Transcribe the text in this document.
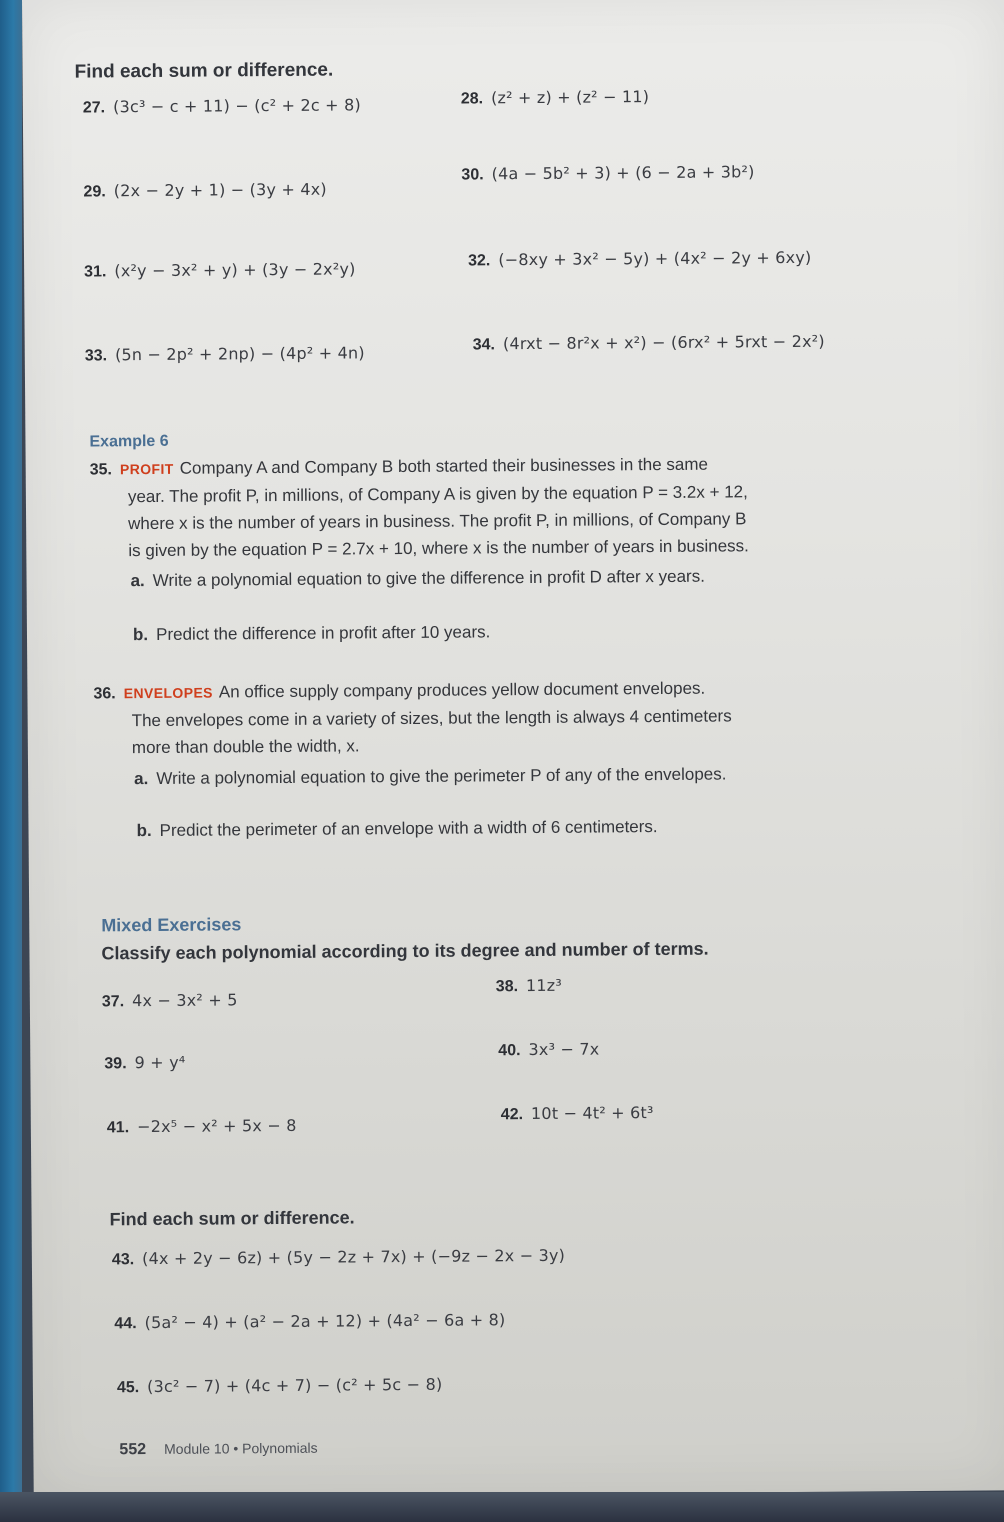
Find each sum or difference.
27. (3c³ − c + 11) − (c² + 2c + 8)	28. (z² + z) + (z² − 11)
29. (2x − 2y + 1) − (3y + 4x)
30. (4a − 5b² + 3) + (6 − 2a + 3b²)
31. (x²y − 3x² + y) + (3y − 2x²y)	32. (−8xy + 3x² − 5y) + (4x² − 2y + 6xy)
33. (5n − 2p² + 2np) − (4p² + 4n)	34. (4rxt − 8r²x + x²) − (6rx² + 5rxt − 2x²)
Example 6
35. PROFIT Company A and Company B both started their businesses in the same
year. The profit P, in millions, of Company A is given by the equation P = 3.2x + 12,
where x is the number of years in business. The profit P, in millions, of Company B
is given by the equation P = 2.7x + 10, where x is the number of years in business.
a. Write a polynomial equation to give the difference in profit D after x years.
b. Predict the difference in profit after 10 years.
36. ENVELOPES An office supply company produces yellow document envelopes.
The envelopes come in a variety of sizes, but the length is always 4 centimeters
more than double the width, x.
a. Write a polynomial equation to give the perimeter P of any of the envelopes.
b. Predict the perimeter of an envelope with a width of 6 centimeters.
Mixed Exercises
Classify each polynomial according to its degree and number of terms.
37. 4x − 3x² + 5
38. 11z³
39. 9 + y⁴
40. 3x³ − 7x
41. −2x⁵ − x² + 5x − 8
42. 10t − 4t² + 6t³
Find each sum or difference.
43. (4x + 2y − 6z) + (5y − 2z + 7x) + (−9z − 2x − 3y)
44. (5a² − 4) + (a² − 2a + 12) + (4a² − 6a + 8)
45. (3c² − 7) + (4c + 7) − (c² + 5c − 8)
552 Module 10 • Polynomials
